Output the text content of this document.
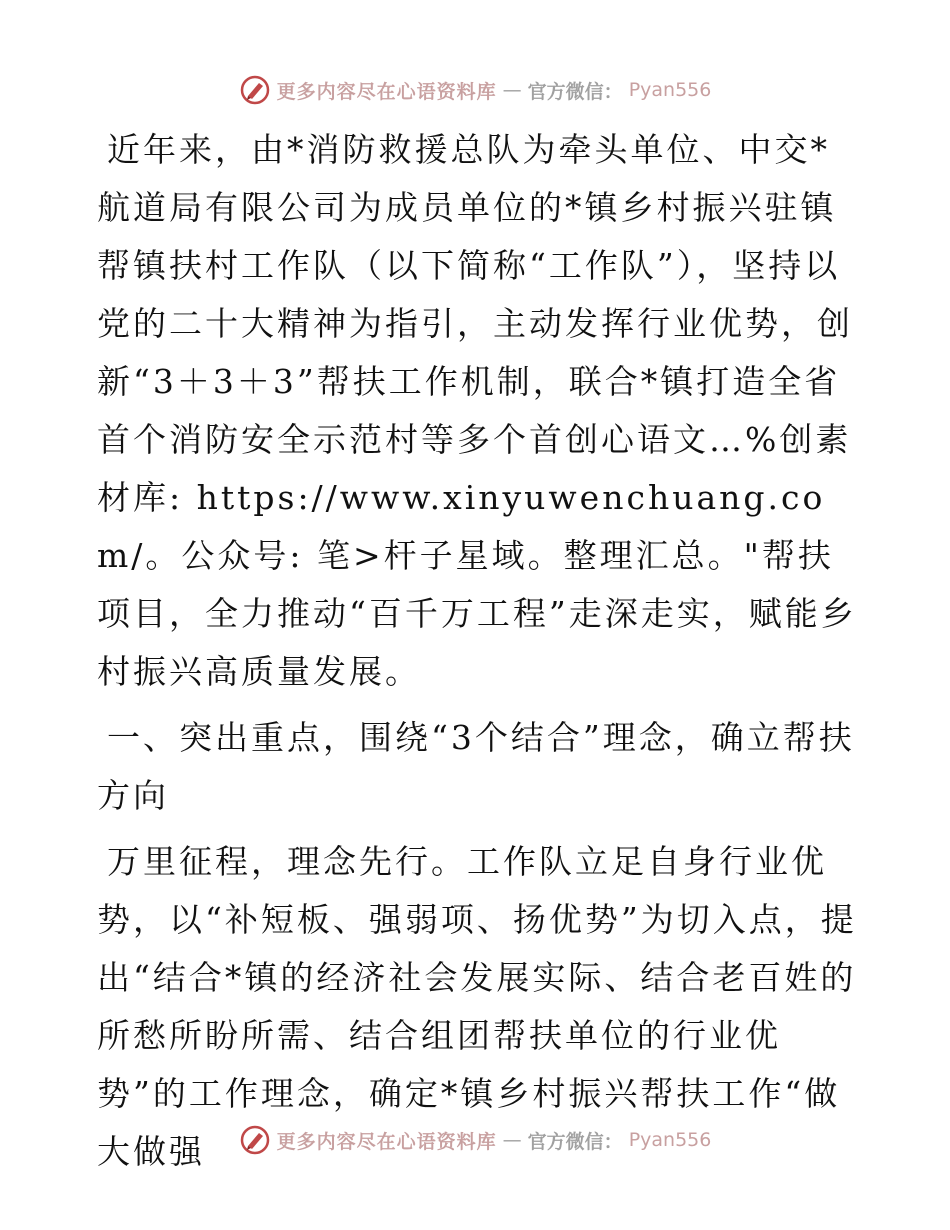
更多内容尽在心语资料库 — 官方微信： Pyan556

近年来，由*消防救援总队为牵头单位、中交*航道局有限公司为成员单位的*镇乡村振兴驻镇帮镇扶村工作队（以下简称“工作队”），坚持以党的二十大精神为指引，主动发挥行业优势，创新“3＋3＋3”帮扶工作机制，联合*镇打造全省首个消防安全示范村等多个首创心语文…%创素材库: https://www.xinyuwenchuang.com/。公众号: 笔>杆子星域。整理汇总。"帮扶项目，全力推动“百千万工程”走深走实，赋能乡村振兴高质量发展。

一、突出重点，围绕“3个结合”理念，确立帮扶方向

万里征程，理念先行。工作队立足自身行业优势，以“补短板、强弱项、扬优势”为切入点，提出“结合*镇的经济社会发展实际、结合老百姓的所愁所盼所需、结合组团帮扶单位的行业优势”的工作理念，确定*镇乡村振兴帮扶工作“做大做强	更多内容尽在心语资料库 — 官方微信： Pyan556
